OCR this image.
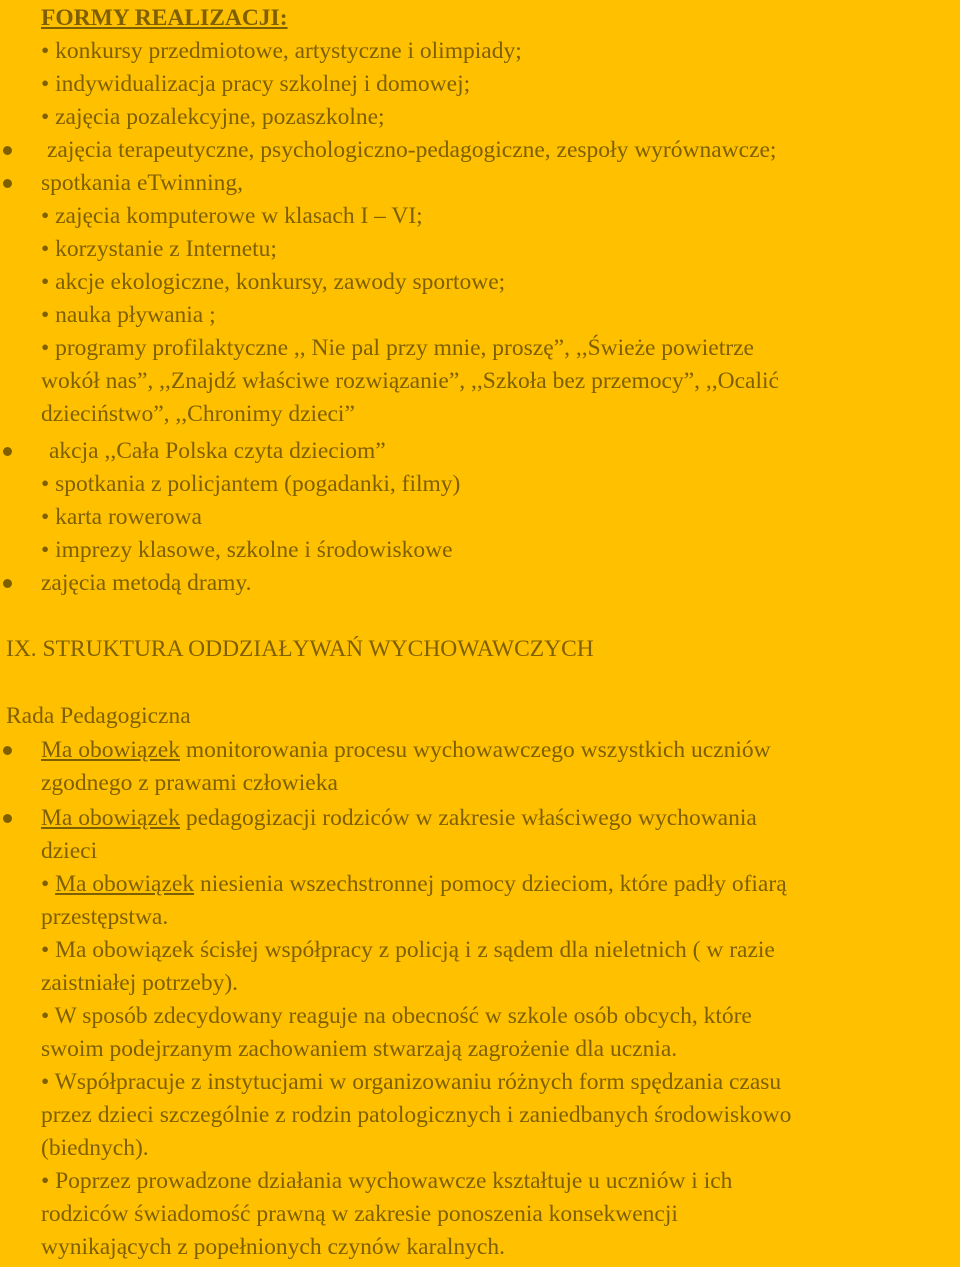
FORMY REALIZACJI:
• konkursy przedmiotowe, artystyczne i olimpiady;
• indywidualizacja pracy szkolnej i domowej;
• zajęcia pozalekcyjne, pozaszkolne;
zajęcia terapeutyczne, psychologiczno-pedagogiczne, zespoły wyrównawcze;
spotkania eTwinning,
• zajęcia komputerowe w klasach I – VI;
• korzystanie z Internetu;
• akcje ekologiczne, konkursy, zawody sportowe;
• nauka pływania ;
• programy profilaktyczne ,, Nie pal przy mnie, proszę”, ,,Świeże powietrze
wokół nas”, ,,Znajdź właściwe rozwiązanie”, ,,Szkoła bez przemocy”, ,,Ocalić
dzieciństwo”, ,,Chronimy dzieci”
akcja ,,Cała Polska czyta dzieciom”
• spotkania z policjantem (pogadanki, filmy)
• karta rowerowa
• imprezy klasowe, szkolne i środowiskowe
zajęcia metodą dramy.
IX. STRUKTURA ODDZIAŁYWAŃ WYCHOWAWCZYCH
Rada Pedagogiczna
Ma obowiązek monitorowania procesu wychowawczego wszystkich uczniów
zgodnego z prawami człowieka
Ma obowiązek pedagogizacji rodziców w zakresie właściwego wychowania
dzieci
• Ma obowiązek niesienia wszechstronnej pomocy dzieciom, które padły ofiarą
przestępstwa.
• Ma obowiązek ścisłej współpracy z policją i z sądem dla nieletnich ( w razie
zaistniałej potrzeby).
• W sposób zdecydowany reaguje na obecność w szkole osób obcych, które
swoim podejrzanym zachowaniem stwarzają zagrożenie dla ucznia.
• Współpracuje z instytucjami w organizowaniu różnych form spędzania czasu
przez dzieci szczególnie z rodzin patologicznych i zaniedbanych środowiskowo
(biednych).
• Poprzez prowadzone działania wychowawcze kształtuje u uczniów i ich
rodziców świadomość prawną w zakresie ponoszenia konsekwencji
wynikających z popełnionych czynów karalnych.
